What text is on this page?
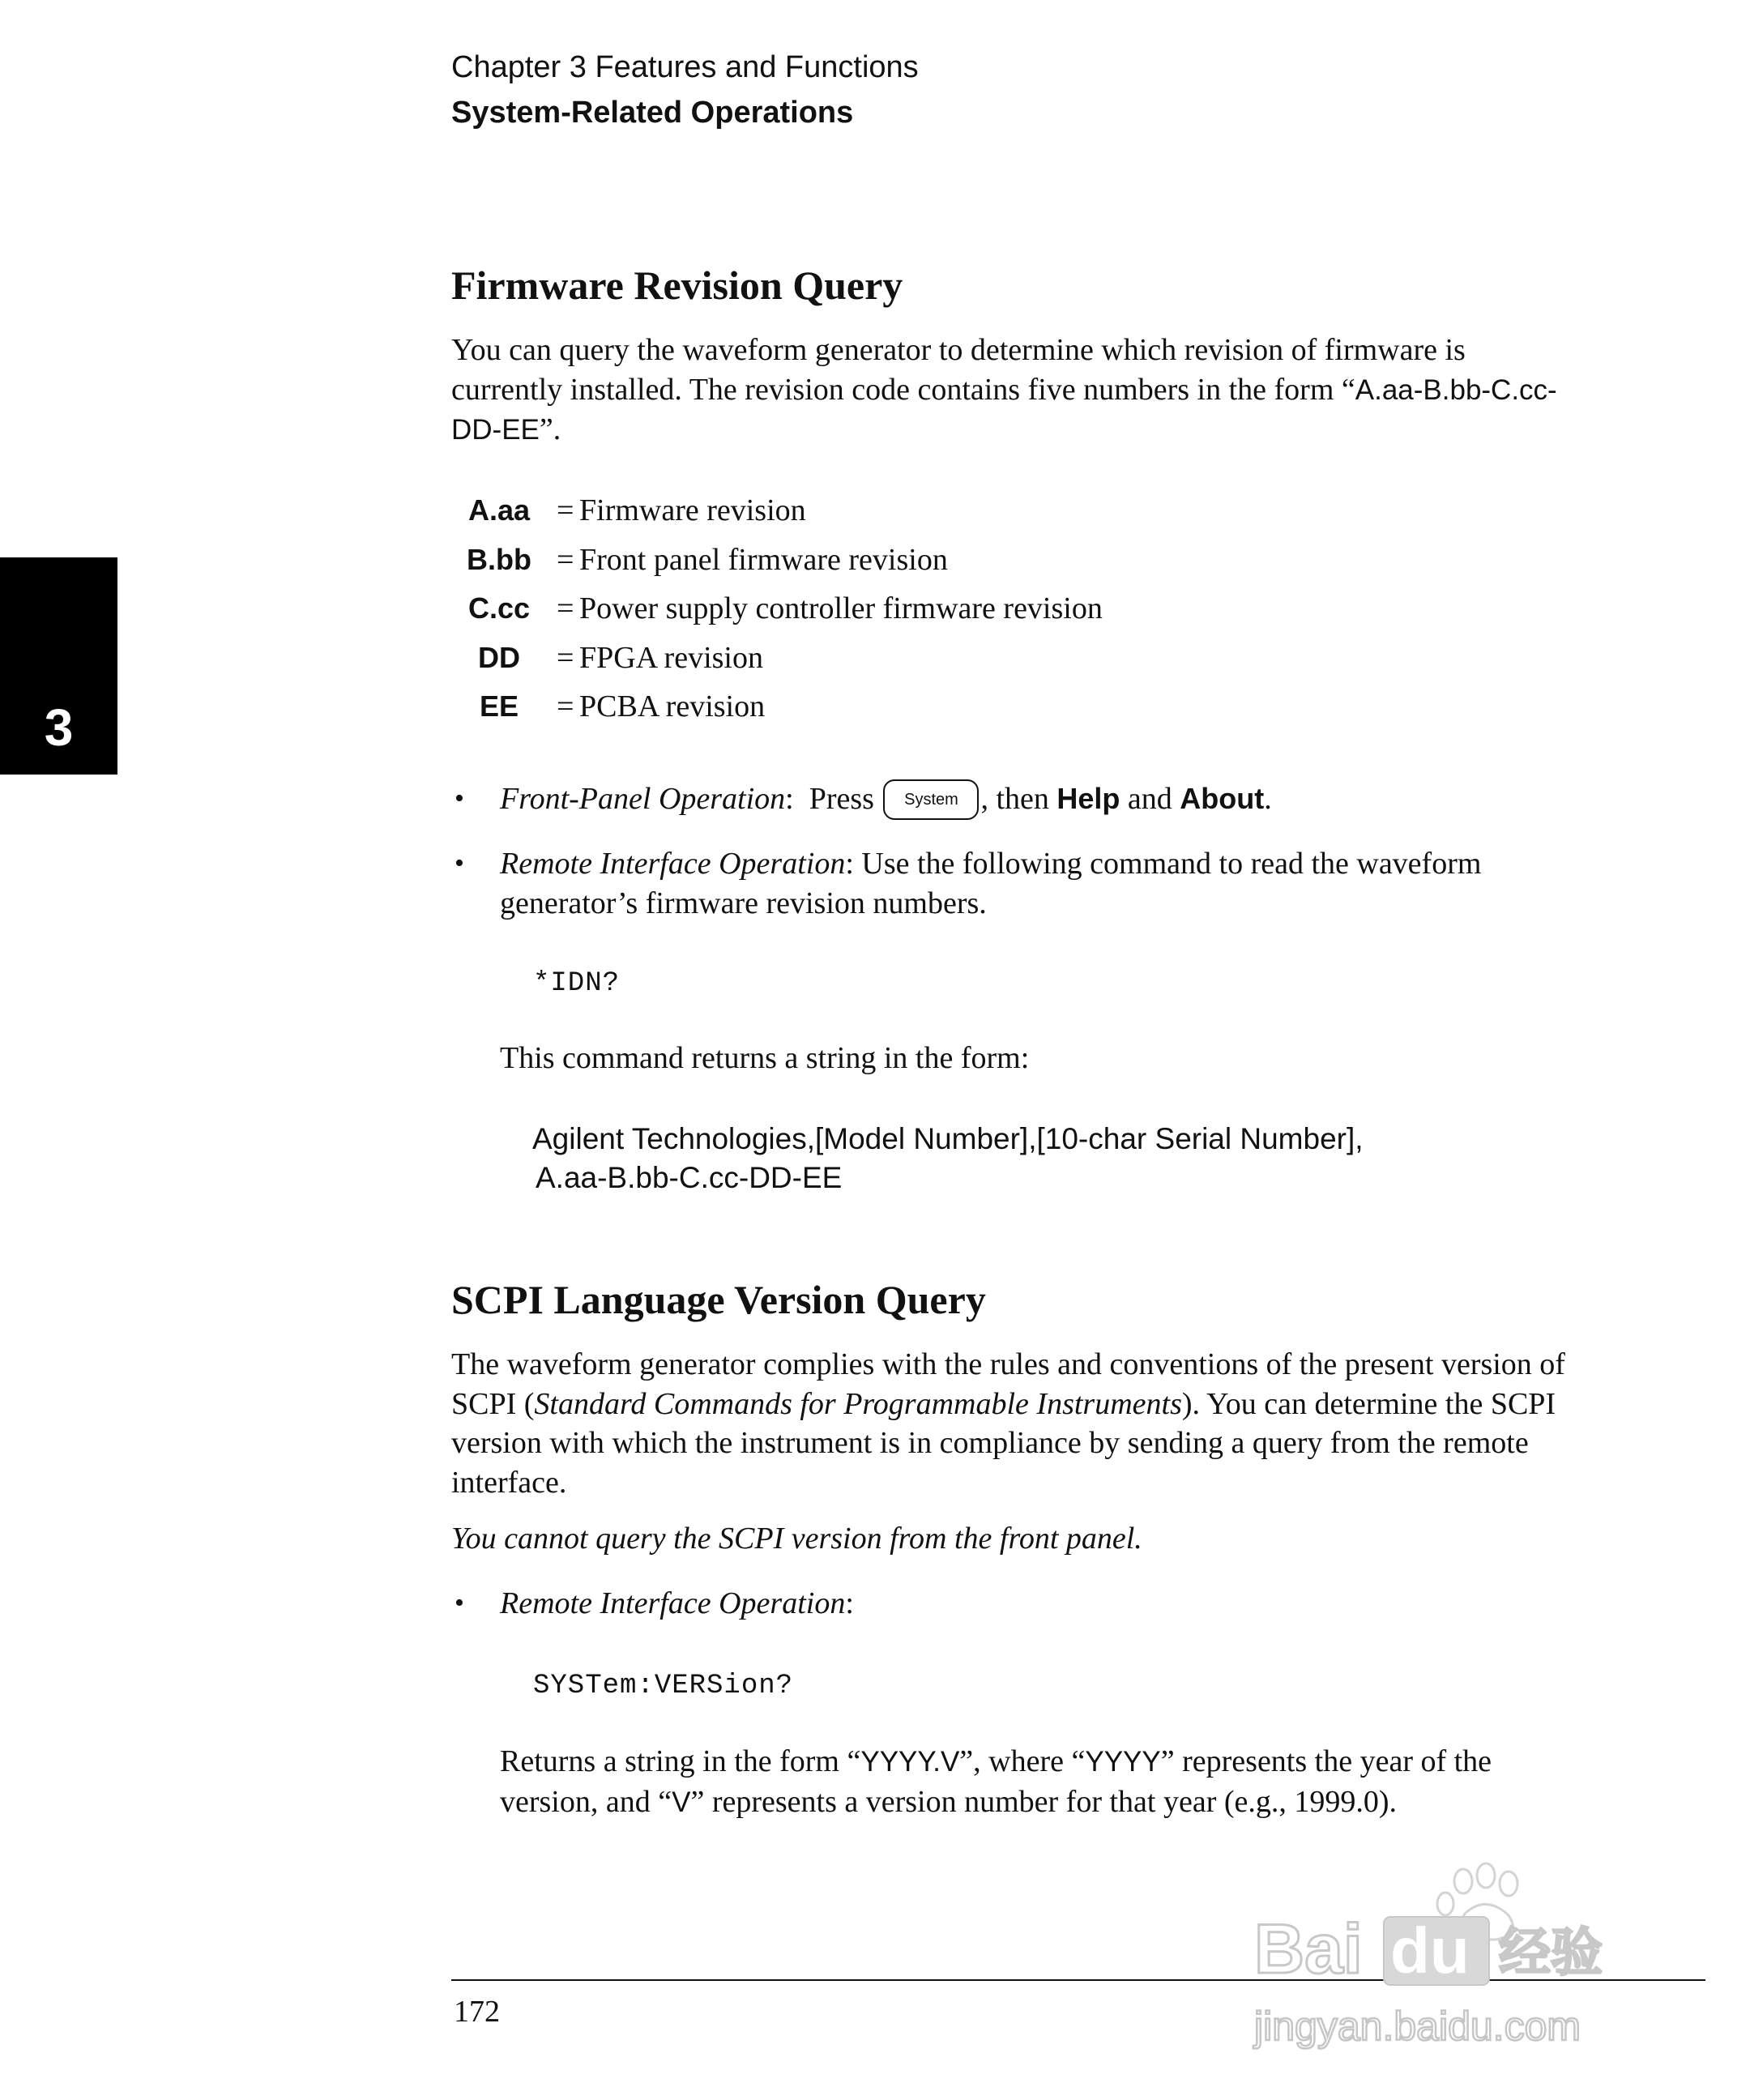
Chapter 3 Features and Functions
System-Related Operations
3
Firmware Revision Query

You can query the waveform generator to determine which revision of firmware is currently installed. The revision code contains five numbers in the form “A.aa-B.bb-C.cc-DD-EE”.

A.aa = Firmware revision
B.bb = Front panel firmware revision
C.cc = Power supply controller firmware revision
DD	= FPGA revision
EE	= PCBA revision
• Front-Panel Operation: Press System , then Help and About.

• Remote Interface Operation: Use the following command to read the waveform generator’s firmware revision numbers.

*IDN?

This command returns a string in the form:

Agilent Technologies,[Model Number],[10-char Serial Number],
A.aa-B.bb-C.cc-DD-EE
SCPI Language Version Query

The waveform generator complies with the rules and conventions of the present version of SCPI (Standard Commands for Programmable Instruments). You can determine the SCPI version with which the instrument is in compliance by sending a query from the remote interface.

You cannot query the SCPI version from the front panel.

• Remote Interface Operation:

SYSTem:VERSion?

Returns a string in the form “YYYY.V”, where “YYYY” represents the year of the version, and “V” represents a version number for that year (e.g., 1999.0).

172
Bai du 经验
jingyan.baidu.com
